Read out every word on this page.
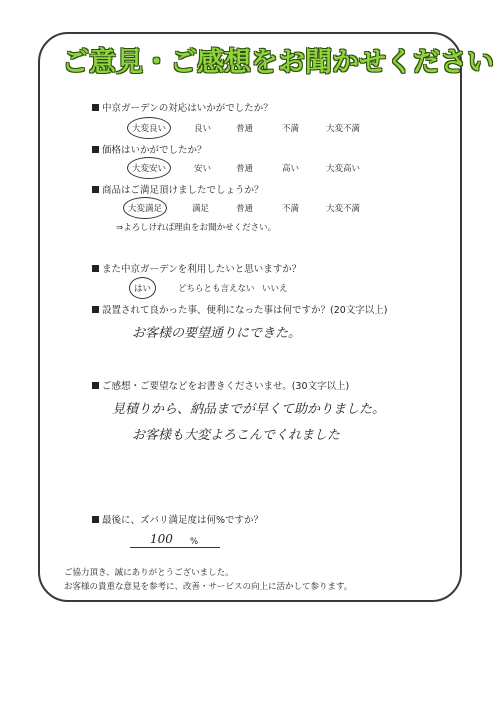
ご意見・ご感想をお聞かせください
中京ガーデンの対応はいかがでしたか？
大変良い	良い	普通	不満	大変不満
価格はいかがでしたか？
大変安い	安い	普通	高い	大変高い
商品はご満足頂けましたでしょうか？
大変満足	満足	普通	不満	大変不満
⇒よろしければ理由をお聞かせください。
また中京ガーデンを利用したいと思いますか？
はい	どちらとも言えない いいえ
設置されて良かった事、便利になった事は何ですか？(20文字以上)
お客様の要望通りにできた。
ご感想・ご要望などをお書きくださいませ。(30文字以上)
見積りから、納品までが早くて助かりました。
お客様も大変よろこんでくれました
最後に、ズバリ満足度は何%ですか？
100 %
ご協力頂き、誠にありがとうございました。
お客様の貴重な意見を参考に、改善・サービスの向上に活かして参ります。
